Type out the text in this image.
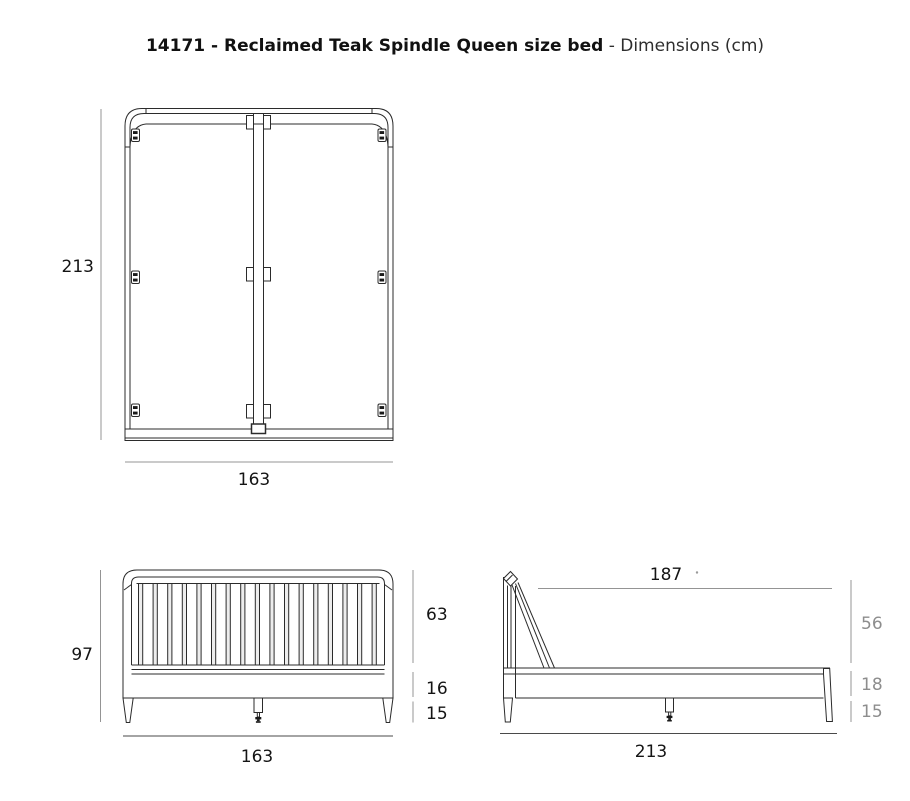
14171 - Reclaimed Teak Spindle Queen size bed - Dimensions (cm)
213
163
97
63
16
15
163
187
56
18
15
213
